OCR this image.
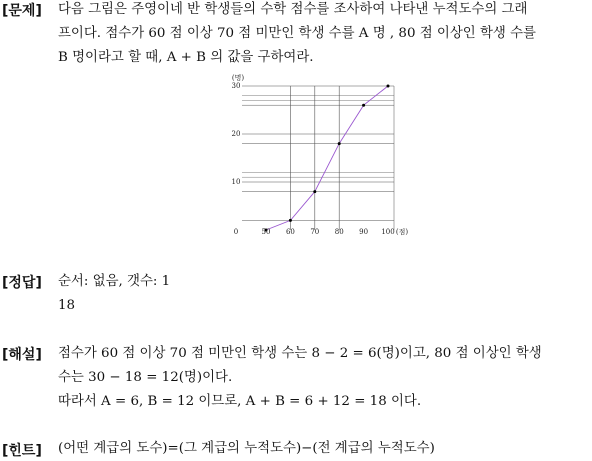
[문제] 다음 그림은 주영이네 반 학생들의 수학 점수를 조사하여 나타낸 누적도수의 그래
프이다. 점수가 60 점 이상 70 점 미만인 학생 수를 A 명 , 80 점 이상인 학생 수를
B 명이라고 할 때, A + B 의 값을 구하여라.
50 60 70 80 90 100 (점)
0
10
20
30
(명)
[정답] 순서: 없음, 갯수: 1
18
[해설] 점수가 60 점 이상 70 점 미만인 학생 수는 8 − 2 = 6(명)이고, 80 점 이상인 학생
수는 30 − 18 = 12(명)이다.
따라서 A = 6, B = 12 이므로, A + B = 6 + 12 = 18 이다.
[힌트] (어떤 계급의 도수)=(그 계급의 누적도수)−(전 계급의 누적도수)
